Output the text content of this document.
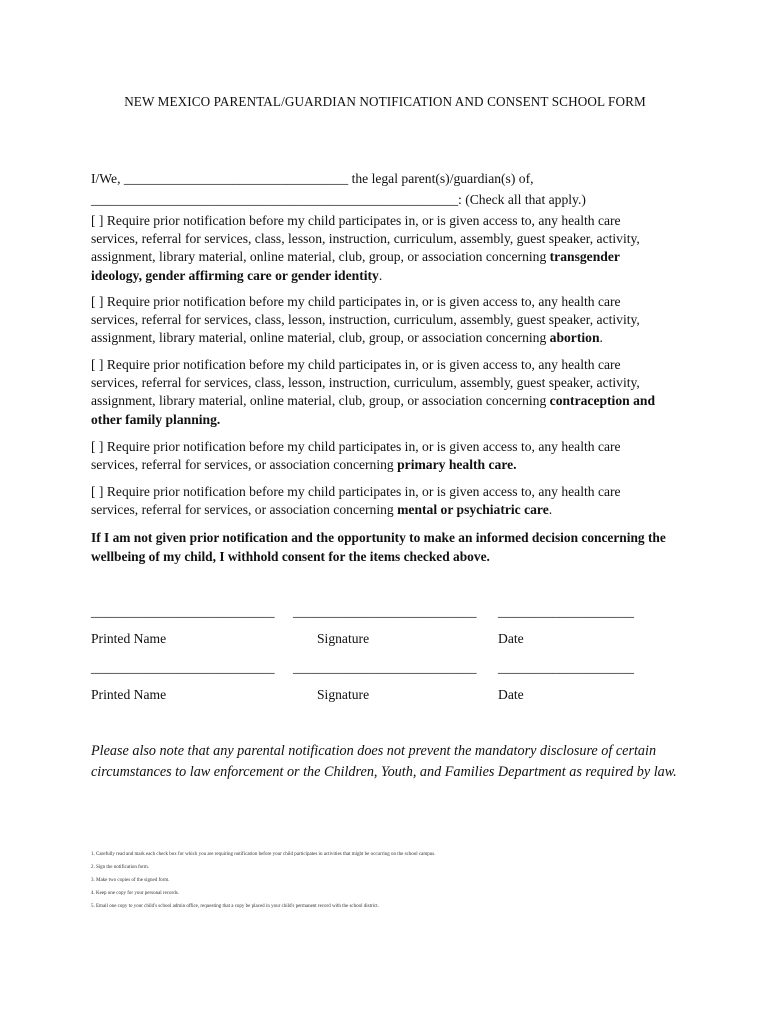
NEW MEXICO PARENTAL/GUARDIAN NOTIFICATION AND CONSENT SCHOOL FORM
I/We, _________________________________ the legal parent(s)/guardian(s) of,
______________________________________________________: (Check all that apply.)
[ ] Require prior notification before my child participates in, or is given access to, any health care services, referral for services, class, lesson, instruction, curriculum, assembly, guest speaker, activity, assignment, library material, online material, club, group, or association concerning transgender ideology, gender affirming care or gender identity.
[ ] Require prior notification before my child participates in, or is given access to, any health care services, referral for services, class, lesson, instruction, curriculum, assembly, guest speaker, activity, assignment, library material, online material, club, group, or association concerning abortion.
[ ] Require prior notification before my child participates in, or is given access to, any health care services, referral for services, class, lesson, instruction, curriculum, assembly, guest speaker, activity, assignment, library material, online material, club, group, or association concerning contraception and other family planning.
[ ] Require prior notification before my child participates in, or is given access to, any health care services, referral for services, or association concerning primary health care.
[ ] Require prior notification before my child participates in, or is given access to, any health care services, referral for services, or association concerning mental or psychiatric care.
If I am not given prior notification and the opportunity to make an informed decision concerning the wellbeing of my child, I withhold consent for the items checked above.
___________________________ ___________________________ ____________________
Printed Name	Signature	Date
___________________________ ___________________________ ____________________
Printed Name	Signature	Date
Please also note that any parental notification does not prevent the mandatory disclosure of certain circumstances to law enforcement or the Children, Youth, and Families Department as required by law.
1. Carefully read and mark each check box for which you are requiring notification before your child participates in activities that might be occurring on the school campus.
2. Sign the notification form.
3. Make two copies of the signed form.
4. Keep one copy for your personal records.
5. Email one copy to your child's school admin office, requesting that a copy be placed in your child's permanent record with the school district.
